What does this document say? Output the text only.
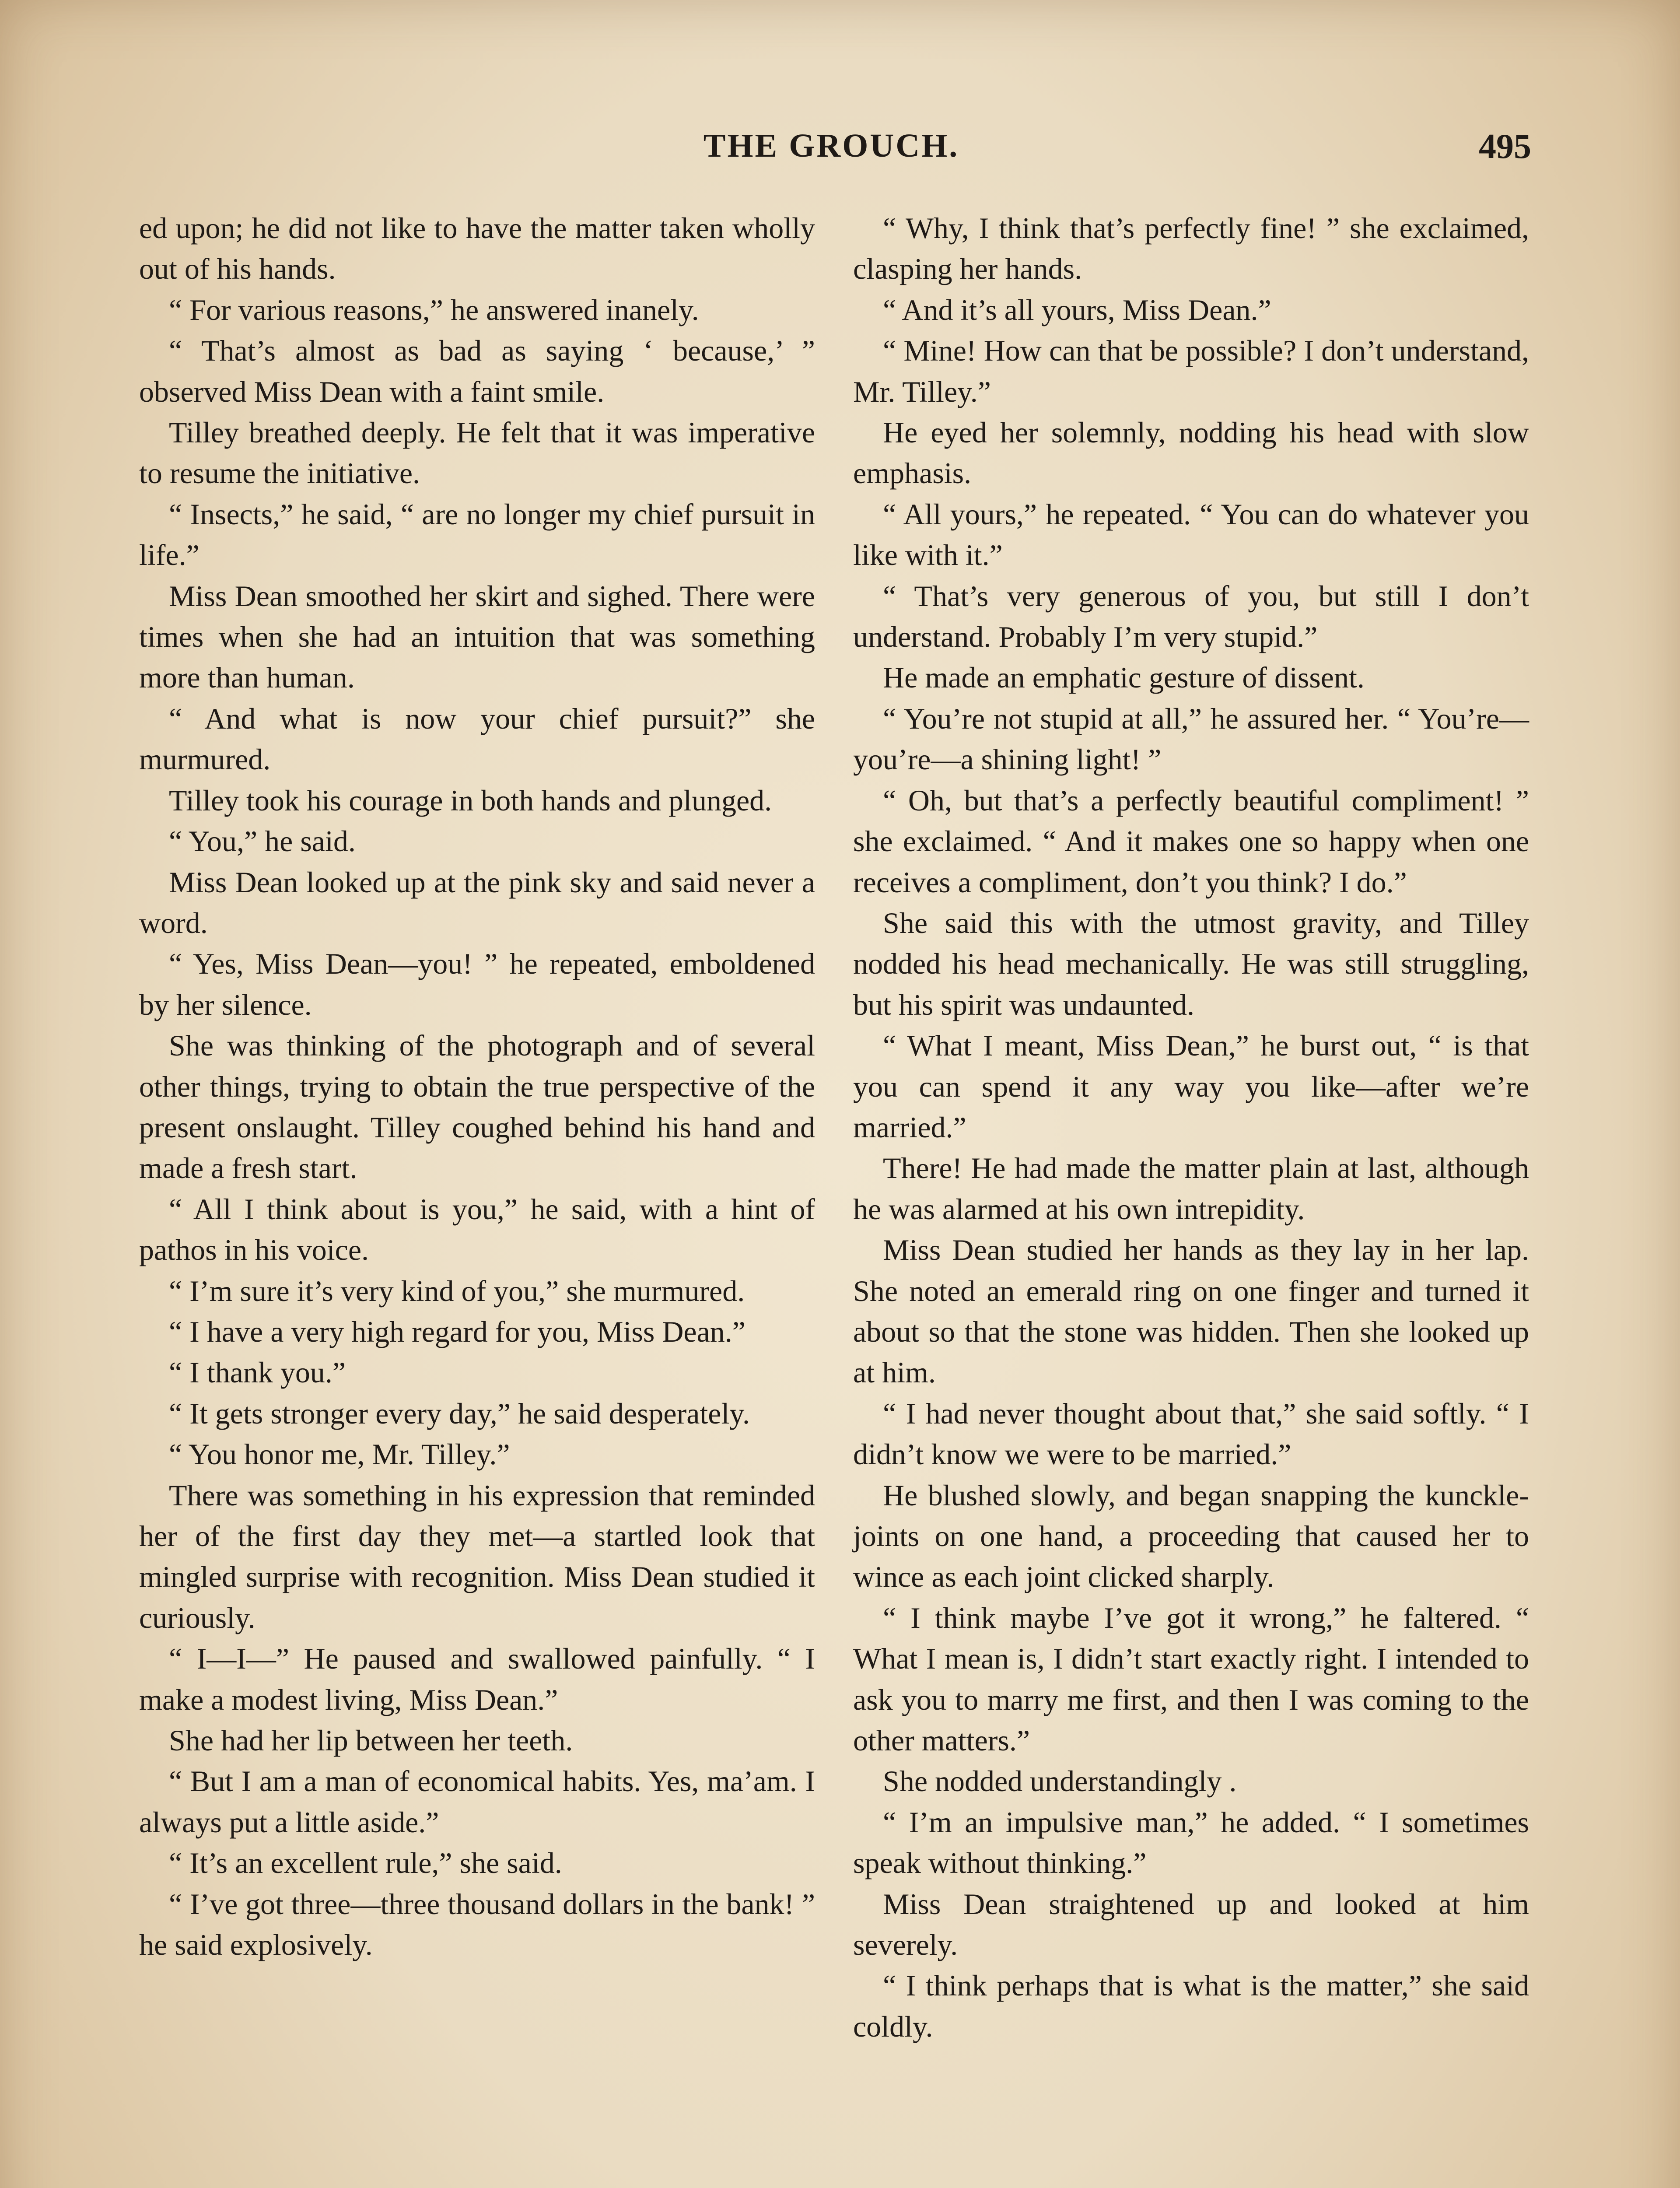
THE GROUCH.	495

ed upon; he did not like to have the matter taken wholly out of his hands.

“ For various reasons,” he answered inanely.

“ That’s almost as bad as saying ‘ because,’ ” observed Miss Dean with a faint smile.

Tilley breathed deeply. He felt that it was imperative to resume the initiative.

“ Insects,” he said, “ are no longer my chief pursuit in life.”

Miss Dean smoothed her skirt and sighed. There were times when she had an intuition that was something more than human.

“ And what is now your chief pursuit?” she murmured.

Tilley took his courage in both hands and plunged.

“ You,” he said.

Miss Dean looked up at the pink sky and said never a word.

“ Yes, Miss Dean—you! ” he repeated, emboldened by her silence.

She was thinking of the photograph and of several other things, trying to obtain the true perspective of the present onslaught. Tilley coughed behind his hand and made a fresh start.

“ All I think about is you,” he said, with a hint of pathos in his voice.

“ I’m sure it’s very kind of you,” she murmured.

“ I have a very high regard for you, Miss Dean.”

“ I thank you.”

“ It gets stronger every day,” he said desperately.

“ You honor me, Mr. Tilley.”

There was something in his expression that reminded her of the first day they met—a startled look that mingled surprise with recognition. Miss Dean studied it curiously.

“ I—I—” He paused and swallowed painfully. “ I make a modest living, Miss Dean.”

She had her lip between her teeth.

“ But I am a man of economical habits. Yes, ma’am. I always put a little aside.”

“ It’s an excellent rule,” she said.

“ I’ve got three—three thousand dollars in the bank! ” he said explosively.

“ Why, I think that’s perfectly fine! ” she exclaimed, clasping her hands.

“ And it’s all yours, Miss Dean.”

“ Mine! How can that be possible? I don’t understand, Mr. Tilley.”

He eyed her solemnly, nodding his head with slow emphasis.

“ All yours,” he repeated. “ You can do whatever you like with it.”

“ That’s very generous of you, but still I don’t understand. Probably I’m very stupid.”

He made an emphatic gesture of dissent.

“ You’re not stupid at all,” he assured her. “ You’re—you’re—a shining light! ”

“ Oh, but that’s a perfectly beautiful compliment! ” she exclaimed. “ And it makes one so happy when one receives a compliment, don’t you think? I do.”

She said this with the utmost gravity, and Tilley nodded his head mechanically. He was still struggling, but his spirit was undaunted.

“ What I meant, Miss Dean,” he burst out, “ is that you can spend it any way you like—after we’re married.”

There! He had made the matter plain at last, although he was alarmed at his own intrepidity.

Miss Dean studied her hands as they lay in her lap. She noted an emerald ring on one finger and turned it about so that the stone was hidden. Then she looked up at him.

“ I had never thought about that,” she said softly. “ I didn’t know we were to be married.”

He blushed slowly, and began snapping the kunckle-joints on one hand, a proceeding that caused her to wince as each joint clicked sharply.

“ I think maybe I’ve got it wrong,” he faltered. “ What I mean is, I didn’t start exactly right. I intended to ask you to marry me first, and then I was coming to the other matters.”

She nodded understandingly .

“ I’m an impulsive man,” he added. “ I sometimes speak without thinking.”

Miss Dean straightened up and looked at him severely.

“ I think perhaps that is what is the matter,” she said coldly.
